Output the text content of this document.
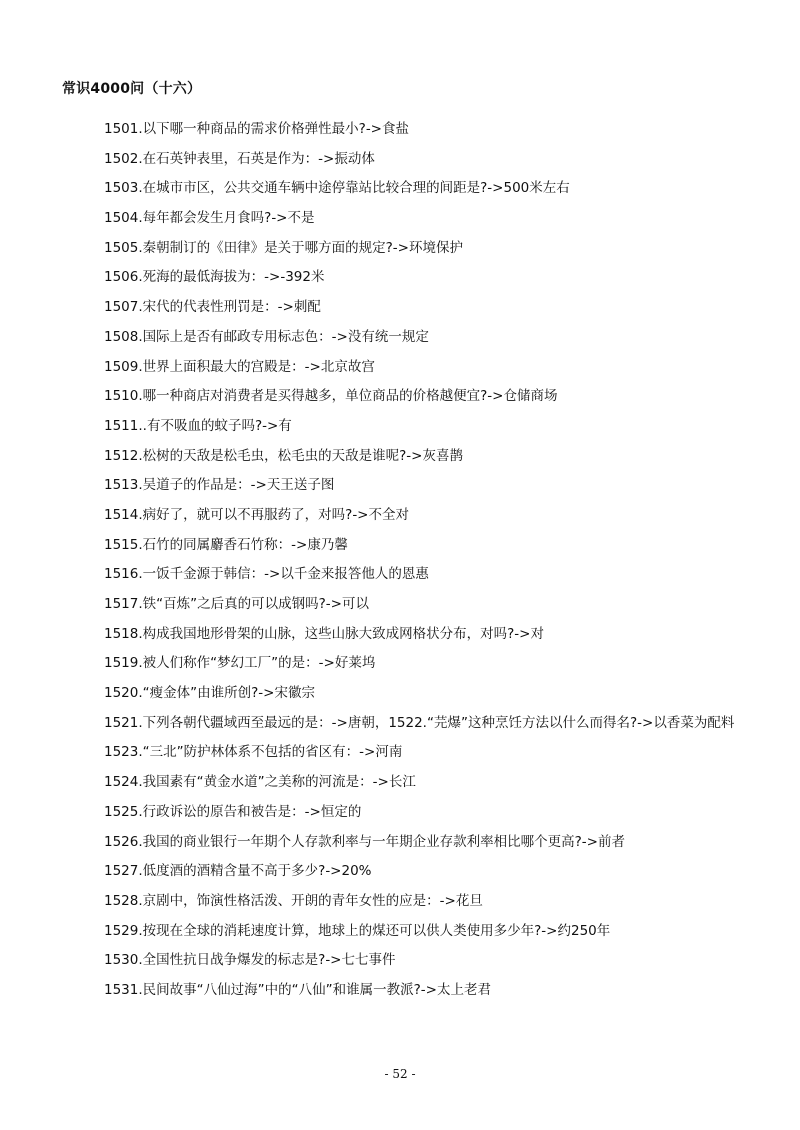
常识4000问（十六）
1501.以下哪一种商品的需求价格弹性最小?->食盐
1502.在石英钟表里，石英是作为：->振动体
1503.在城市市区，公共交通车辆中途停靠站比较合理的间距是?->500米左右
1504.每年都会发生月食吗?->不是
1505.秦朝制订的《田律》是关于哪方面的规定?->环境保护
1506.死海的最低海拔为：->-392米
1507.宋代的代表性刑罚是：->刺配
1508.国际上是否有邮政专用标志色：->没有统一规定
1509.世界上面积最大的宫殿是：->北京故宫
1510.哪一种商店对消费者是买得越多，单位商品的价格越便宜?->仓储商场
1511..有不吸血的蚊子吗?->有
1512.松树的天敌是松毛虫，松毛虫的天敌是谁呢?->灰喜鹊
1513.吴道子的作品是：->天王送子图
1514.病好了，就可以不再服药了，对吗?->不全对
1515.石竹的同属麝香石竹称：->康乃馨
1516.一饭千金源于韩信：->以千金来报答他人的恩惠
1517.铁“百炼”之后真的可以成钢吗?->可以
1518.构成我国地形骨架的山脉，这些山脉大致成网格状分布，对吗?->对
1519.被人们称作“梦幻工厂”的是：->好莱坞
1520.“瘦金体”由谁所创?->宋徽宗
1521.下列各朝代疆域西至最远的是：->唐朝，1522.“芫爆”这种烹饪方法以什么而得名?->以香菜为配料
1523.“三北”防护林体系不包括的省区有：->河南
1524.我国素有“黄金水道”之美称的河流是：->长江
1525.行政诉讼的原告和被告是：->恒定的
1526.我国的商业银行一年期个人存款利率与一年期企业存款利率相比哪个更高?->前者
1527.低度酒的酒精含量不高于多少?->20%
1528.京剧中，饰演性格活泼、开朗的青年女性的应是：->花旦
1529.按现在全球的消耗速度计算，地球上的煤还可以供人类使用多少年?->约250年
1530.全国性抗日战争爆发的标志是?->七七事件
1531.民间故事“八仙过海”中的“八仙”和谁属一教派?->太上老君
- 52 -
